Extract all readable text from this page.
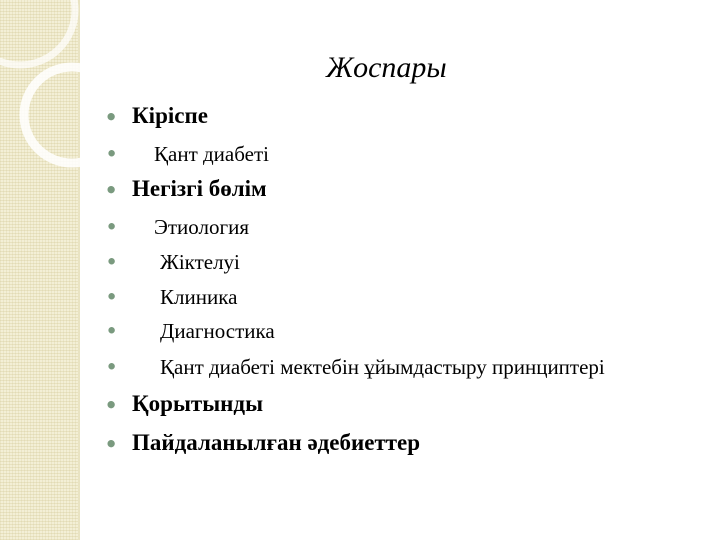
Жоспары
● Кіріспе
● Қант диабеті
● Негізгі бөлім
● Этиология
● Жіктелуі
● Клиника
● Диагностика
● Қант диабеті мектебін ұйымдастыру принциптері
● Қорытынды
● Пайдаланылған әдебиеттер
